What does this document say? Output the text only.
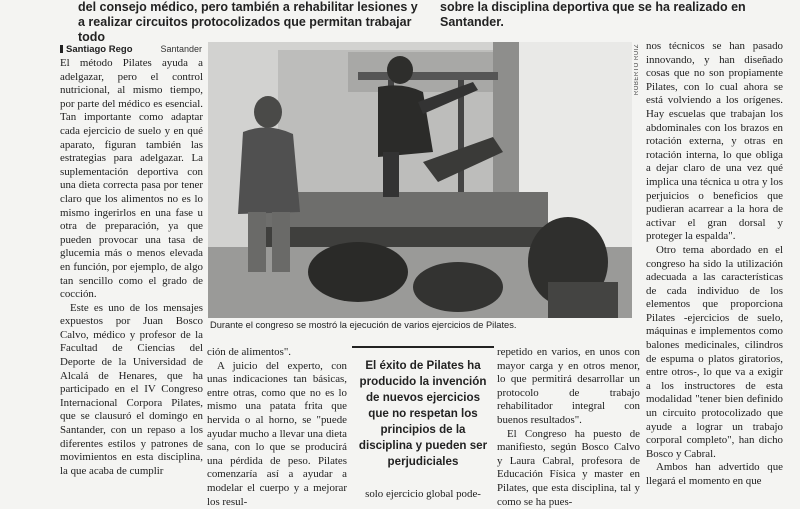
del consejo médico, pero también a rehabilitar lesiones y a realizar circuitos protocolizados que permitan trabajar todo
sobre la disciplina deportiva que se ha realizado en Santander.
Santiago Rego	Santander

El método Pilates ayuda a adelgazar, pero el control nutricional, al mismo tiempo, por parte del médico es esencial. Tan importante como adaptar cada ejercicio de suelo y en qué aparato, figuran también las estrategias para adelgazar. La suplementación deportiva con una dieta correcta pasa por tener claro que los alimentos no es lo mismo ingerirlos en una fase u otra de preparación, ya que pueden provocar una tasa de glucemia más o menos elevada en función, por ejemplo, de algo tan sencillo como el grado de cocción.

Este es uno de los mensajes expuestos por Juan Bosco Calvo, médico y profesor de la Facultad de Ciencias del Deporte de la Universidad de Alcalá de Henares, que ha participado en el IV Congreso Internacional Corpora Pilates, que se clausuró el domingo en Santander, con un repaso a los diferentes estilos y patrones de movimientos en esta disciplina, la que acaba de cumplir

ROBERTO RUIZ
Durante el congreso se mostró la ejecución de varios ejercicios de Pilates.

ción de alimentos".

A juicio del experto, con unas indicaciones tan básicas, entre otras, como que no es lo mismo una patata frita que hervida o al horno, se "puede ayudar mucho a llevar una dieta sana, con lo que se producirá una pérdida de peso. Pilates comenzaría así a ayudar a modelar el cuerpo y a mejorar los resul-

El éxito de Pilates ha producido la invención de nuevos ejercicios que no respetan los principios de la disciplina y pueden ser perjudiciales
solo ejercicio global pode-

repetido en varios, en unos con mayor carga y en otros menor, lo que permitirá desarrollar un protocolo de trabajo rehabilitador integral con buenos resultados".

El Congreso ha puesto de manifiesto, según Bosco Calvo y Laura Cabral, profesora de Educación Física y master en Pilates, que esta disciplina, tal y como se ha pues-

nos técnicos se han pasado innovando, y han diseñado cosas que no son propiamente Pilates, con lo cual ahora se está volviendo a los orígenes. Hay escuelas que trabajan los abdominales con los brazos en rotación externa, y otras en rotación interna, lo que obliga a dejar claro de una vez qué implica una técnica u otra y los perjuicios o beneficios que pudieran acarrear a la hora de activar el gran dorsal y proteger la espalda".

Otro tema abordado en el congreso ha sido la utilización adecuada a las características de cada individuo de los elementos que proporciona Pilates -ejercicios de suelo, máquinas e implementos como balones medicinales, cilindros de espuma o platos giratorios, entre otros-, lo que va a exigir a los instructores de esta modalidad "tener bien definido un circuito protocolizado que ayude a lograr un trabajo corporal completo", han dicho Bosco y Cabral.

Ambos han advertido que llegará el momento en que
